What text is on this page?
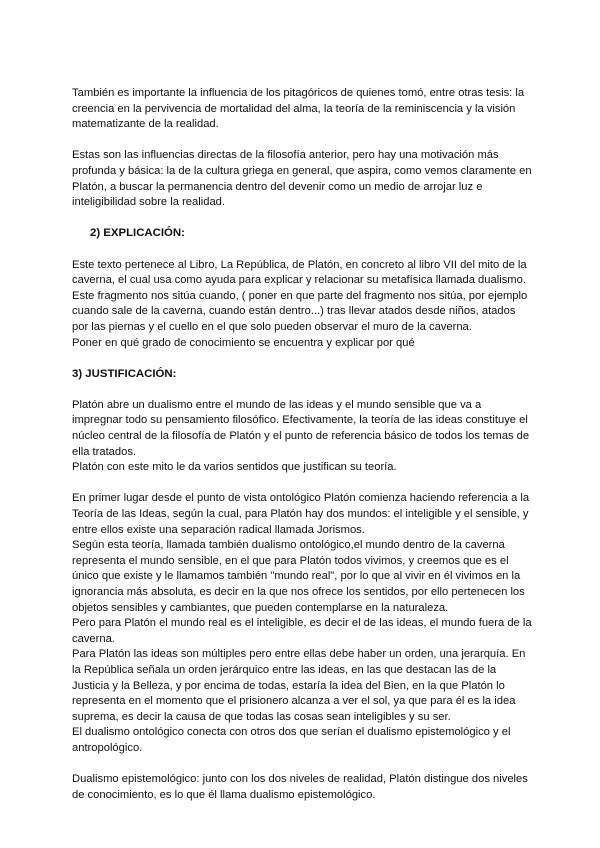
También es importante la influencia de los pitagóricos de quienes tomó, entre otras tesis: la creencia en la pervivencia de mortalidad del alma, la teoría de la reminiscencia y la visión matematizante de la realidad.

Estas son las influencias directas de la filosofía anterior, pero hay una motivación más profunda y básica: la de la cultura griega en general, que aspira, como vemos claramente en Platón, a buscar la permanencia dentro del devenir como un medio de arrojar luz e inteligibilidad sobre la realidad.

2) EXPLICACIÓN:

Este texto pertenece al Libro, La República, de Platón, en concreto al libro VII del mito de la caverna, el cual usa como ayuda para explicar y relacionar su metafísica llamada dualismo. Este fragmento nos sitúa cuando, ( poner en que parte del fragmento nos sitúa, por ejemplo cuando sale de la caverna, cuando están dentro...) tras llevar atados desde niños, atados por las piernas y el cuello en el que solo pueden observar el muro de la caverna.

Poner en qué grado de conocimiento se encuentra y explicar por qué

3) JUSTIFICACIÓN:

Platón abre un dualismo entre el mundo de las ideas y el mundo sensible que va a impregnar todo su pensamiento filosófico. Efectivamente, la teoría de las ideas constituye el núcleo central de la filosofía de Platón y el punto de referencia básico de todos los temas de ella tratados.

Platón con este mito le da varios sentidos que justifican su teoría.

En primer lugar desde el punto de vista ontológico Platón comienza haciendo referencia a la Teoría de las Ideas, según la cual, para Platón hay dos mundos: el inteligible y el sensible, y entre ellos existe una separación radical llamada Jorismos.

Según esta teoría, llamada también dualismo ontológico,el mundo dentro de la caverna representa el mundo sensible, en el que para Platón todos vivimos, y creemos que es el único que existe y le llamamos también "mundo real", por lo que al vivir en él vivimos en la ignorancia más absoluta, es decir en la que nos ofrece los sentidos, por ello pertenecen los objetos sensibles y cambiantes, que pueden contemplarse en la naturaleza.

Pero para Platón el mundo real es el inteligible, es decir el de las ideas, el mundo fuera de la caverna.

Para Platón las ideas son múltiples pero entre ellas debe haber un orden, una jerarquía. En la República señala un orden jerárquico entre las ideas, en las que destacan las de la Justicia y la Belleza, y por encima de todas, estaría la idea del Bien, en la que Platón lo representa en el momento que el prisionero alcanza a ver el sol, ya que para él es la idea suprema, es decir la causa de que todas las cosas sean inteligibles y su ser.

El dualismo ontológico conecta con otros dos que serían el dualismo epistemológico y el antropológico.

Dualismo epistemológico: junto con los dos niveles de realidad, Platón distingue dos niveles de conocimiento, es lo que él llama dualismo epistemológico.
